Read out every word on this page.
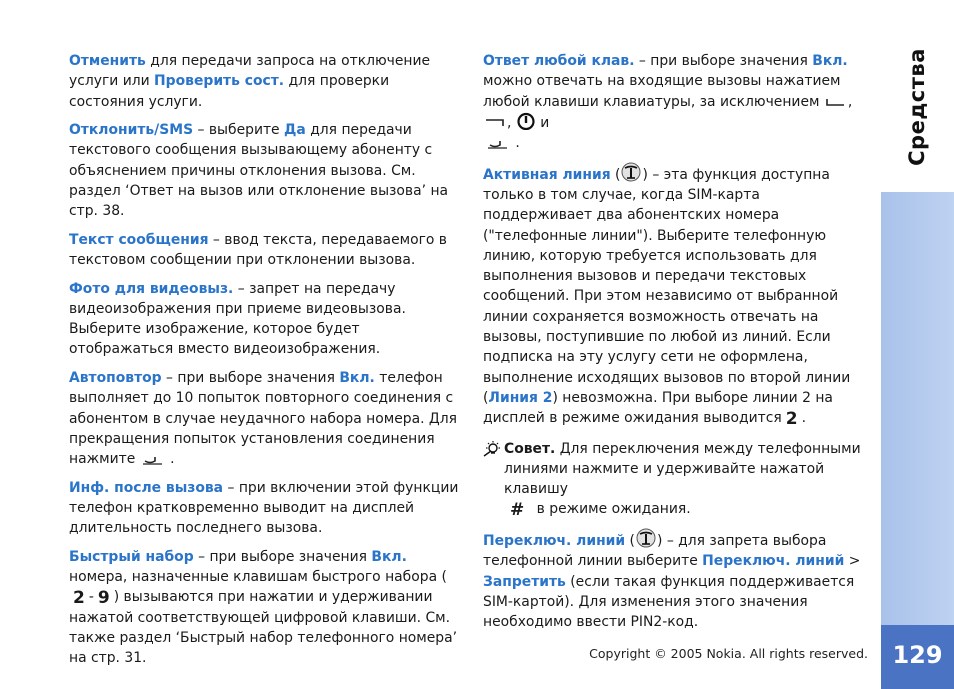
Средства
129

Отменить для передачи запроса на отключение услуги или Проверить сост. для проверки состояния услуги.

Отклонить/SMS – выберите Да для передачи текстового сообщения вызывающему абоненту с объяснением причины отклонения вызова. См. раздел ‘Ответ на вызов или отклонение вызова’ на стр. 38.

Текст сообщения – ввод текста, передаваемого в текстовом сообщении при отклонении вызова.

Фото для видеовыз. – запрет на передачу видеоизображения при приеме видеовызова. Выберите изображение, которое будет отображаться вместо видеоизображения.

Автоповтор – при выборе значения Вкл. телефон выполняет до 10 попыток повторного соединения с абонентом в случае неудачного набора номера. Для прекращения попыток установления соединения нажмите  .

Инф. после вызова – при включении этой функции телефон кратковременно выводит на дисплей длительность последнего вызова.

Быстрый набор – при выборе значения Вкл. номера, назначенные клавишам быстрого набора ( 2 - 9 ) вызываются при нажатии и удерживании нажатой соответствующей цифровой клавиши. См. также раздел ‘Быстрый набор телефонного номера’ на стр. 31.

Ответ любой клав. – при выборе значения Вкл. можно отвечать на входящие вызовы нажатием любой клавиши клавиатуры, за исключением , ,  и
.

Активная линия ( ) – эта функция доступна только в том случае, когда SIM-карта поддерживает два абонентских номера ("телефонные линии"). Выберите телефонную линию, которую требуется использовать для выполнения вызовов и передачи текстовых сообщений. При этом независимо от выбранной линии сохраняется возможность отвечать на вызовы, поступившие по любой из линий. Если подписка на эту услугу сети не оформлена, выполнение исходящих вызовов по второй линии (Линия 2) невозможна. При выборе линии 2 на дисплей в режиме ожидания выводится 2 .

Совет. Для переключения между телефонными линиями нажмите и удерживайте нажатой клавишу
# в режиме ожидания.

Переключ. линий ( ) – для запрета выбора телефонной линии выберите Переключ. линий > Запретить (если такая функция поддерживается SIM-картой). Для изменения этого значения необходимо ввести PIN2-код.

Copyright © 2005 Nokia. All rights reserved.
